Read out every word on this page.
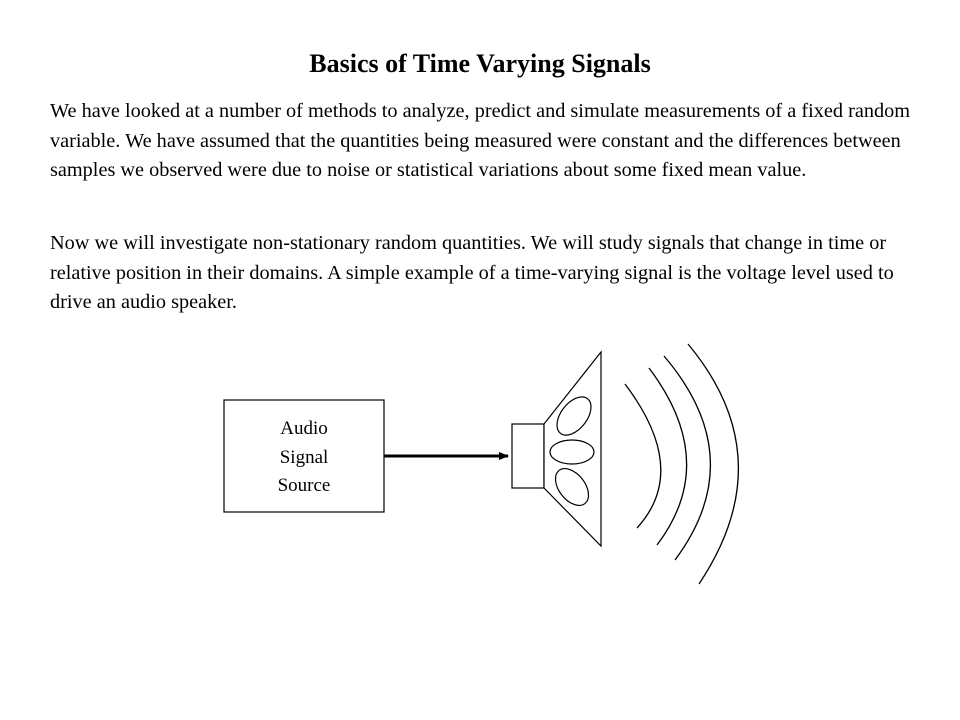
Basics of Time Varying Signals

We have looked at a number of methods to analyze, predict and simulate measurements of a fixed random variable. We have assumed that the quantities being measured were constant and the differences between samples we observed were due to noise or statistical variations about some fixed mean value.

Now we will investigate non-stationary random quantities. We will study signals that change in time or relative position in their domains. A simple example of a time-varying signal is the voltage level used to drive an audio speaker.

Audio
Signal
Source
